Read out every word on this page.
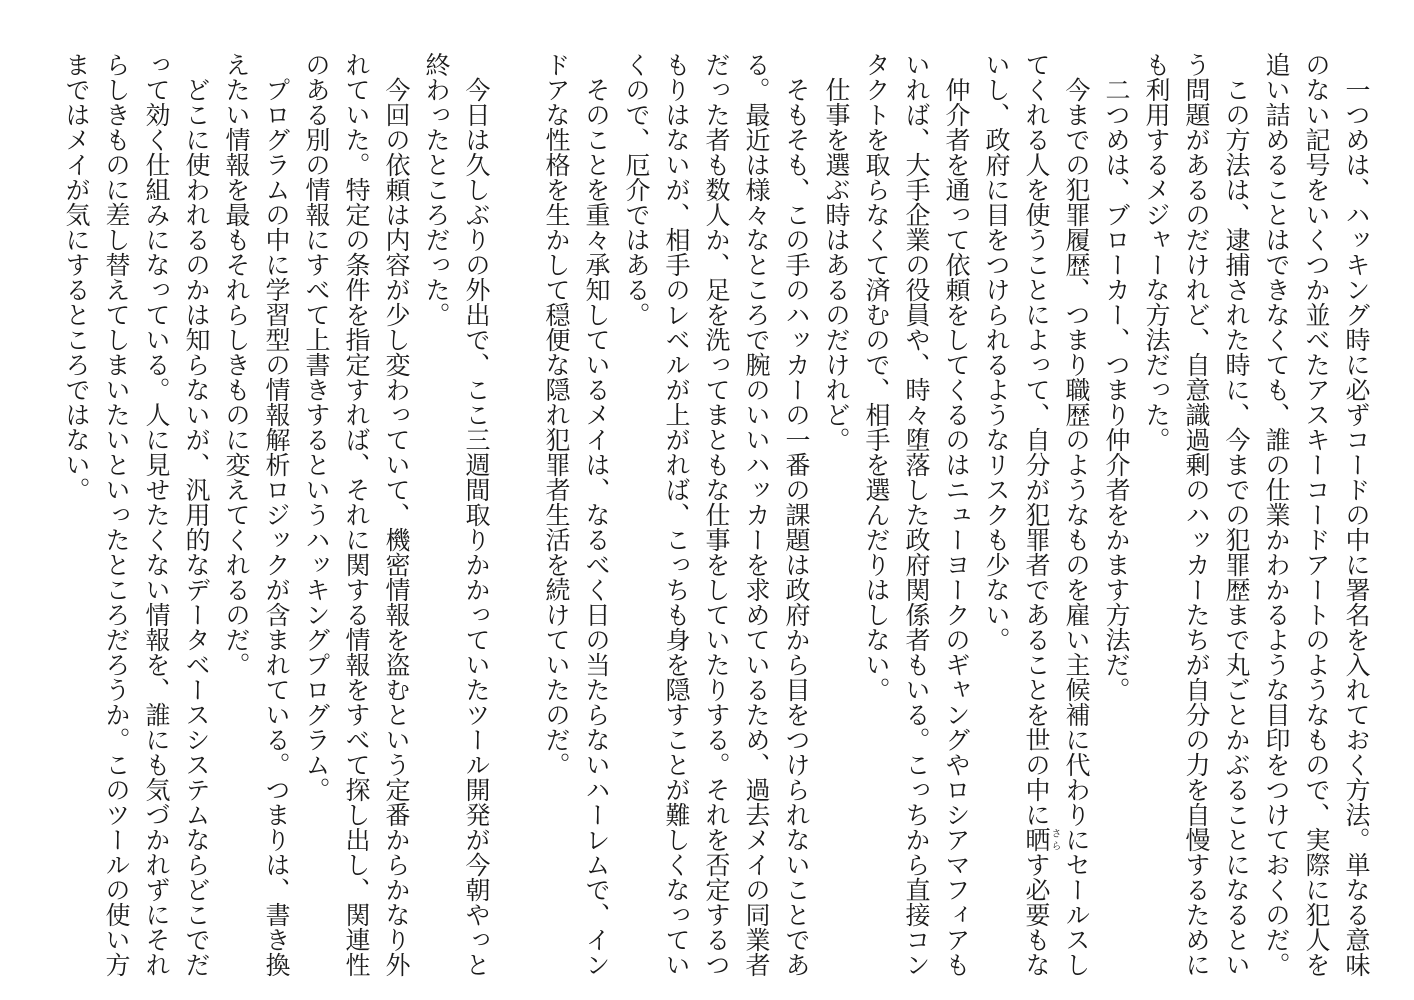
一つめは、ハッキング時に必ずコードの中に署名を入れておく方法。単なる意味のない記号をいくつか並べたアスキーコードアートのようなもので、実際に犯人を追い詰めることはできなくても、誰の仕業かわかるような目印をつけておくのだ。

この方法は、逮捕された時に、今までの犯罪歴まで丸ごとかぶることになるという問題があるのだけれど、自意識過剰のハッカーたちが自分の力を自慢するためにも利用するメジャーな方法だった。

二つめは、ブローカー、つまり仲介者をかます方法だ。

今までの犯罪履歴、つまり職歴のようなものを雇い主候補に代わりにセールスしてくれる人を使うことによって、自分が犯罪者であることを世の中に晒さらす必要もないし、政府に目をつけられるようなリスクも少ない。

仲介者を通って依頼をしてくるのはニューヨークのギャングやロシアマフィアもいれば、大手企業の役員や、時々堕落した政府関係者もいる。こっちから直接コンタクトを取らなくて済むので、相手を選んだりはしない。

仕事を選ぶ時はあるのだけれど。

そもそも、この手のハッカーの一番の課題は政府から目をつけられないことである。最近は様々なところで腕のいいハッカーを求めているため、過去メイの同業者だった者も数人か、足を洗ってまともな仕事をしていたりする。それを否定するつもりはないが、相手のレベルが上がれば、こっちも身を隠すことが難しくなっていくので、厄介ではある。

そのことを重々承知しているメイは、なるべく日の当たらないハーレムで、インドアな性格を生かして穏便な隠れ犯罪者生活を続けていたのだ。

今日は久しぶりの外出で、ここ三週間取りかかっていたツール開発が今朝やっと終わったところだった。

今回の依頼は内容が少し変わっていて、機密情報を盗むという定番からかなり外れていた。特定の条件を指定すれば、それに関する情報をすべて探し出し、関連性のある別の情報にすべて上書きするというハッキングプログラム。

プログラムの中に学習型の情報解析ロジックが含まれている。つまりは、書き換えたい情報を最もそれらしきものに変えてくれるのだ。

どこに使われるのかは知らないが、汎用的なデータベースシステムならどこでだって効く仕組みになっている。人に見せたくない情報を、誰にも気づかれずにそれらしきものに差し替えてしまいたいといったところだろうか。このツールの使い方まではメイが気にするところではない。
